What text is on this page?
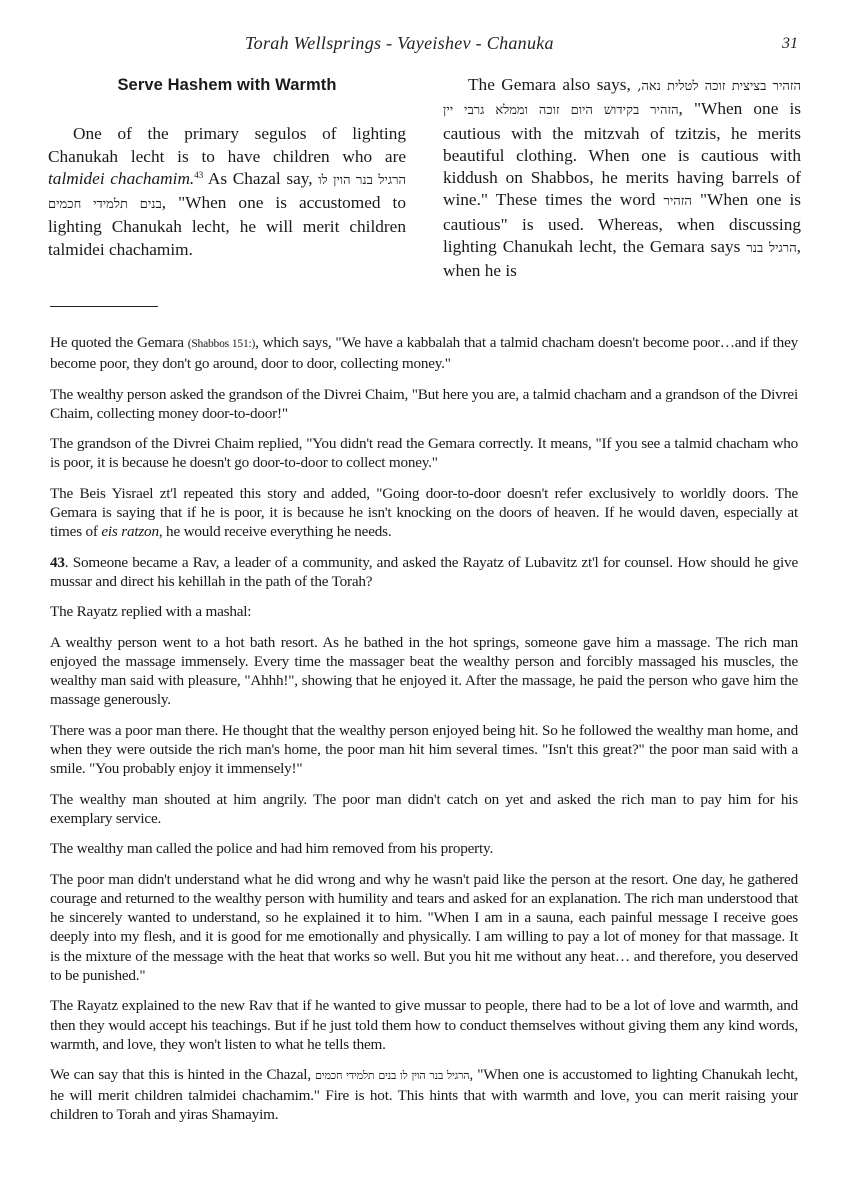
Torah Wellsprings - Vayeishev - Chanuka	31
Serve Hashem with Warmth

One of the primary segulos of lighting Chanukah lecht is to have children who are talmidei chachamim.$^{43}$ As Chazal say, הרגיל בנר הוין לו בנים תלמידי חכמים, "When one is accustomed to lighting Chanukah lecht, he will merit children talmidei chachamim.

The Gemara also says, הזהיר בציצית זוכה לטלית נאה, הזהיר בקידוש היום זוכה וממלא גרבי יין, "When one is cautious with the mitzvah of tzitzis, he merits beautiful clothing. When one is cautious with kiddush on Shabbos, he merits having barrels of wine." These times the word הזהיר "When one is cautious" is used. Whereas, when discussing lighting Chanukah lecht, the Gemara says הרגיל בנר, when he is

He quoted the Gemara (Shabbos 151:), which says, "We have a kabbalah that a talmid chacham doesn't become poor…and if they become poor, they don't go around, door to door, collecting money."

The wealthy person asked the grandson of the Divrei Chaim, "But here you are, a talmid chacham and a grandson of the Divrei Chaim, collecting money door-to-door!"

The grandson of the Divrei Chaim replied, "You didn't read the Gemara correctly. It means, "If you see a talmid chacham who is poor, it is because he doesn't go door-to-door to collect money."

The Beis Yisrael zt'l repeated this story and added, "Going door-to-door doesn't refer exclusively to worldly doors. The Gemara is saying that if he is poor, it is because he isn't knocking on the doors of heaven. If he would daven, especially at times of eis ratzon, he would receive everything he needs.

43. Someone became a Rav, a leader of a community, and asked the Rayatz of Lubavitz zt'l for counsel. How should he give mussar and direct his kehillah in the path of the Torah?

The Rayatz replied with a mashal:

A wealthy person went to a hot bath resort. As he bathed in the hot springs, someone gave him a massage. The rich man enjoyed the massage immensely. Every time the massager beat the wealthy person and forcibly massaged his muscles, the wealthy man said with pleasure, "Ahhh!", showing that he enjoyed it. After the massage, he paid the person who gave him the massage generously.

There was a poor man there. He thought that the wealthy person enjoyed being hit. So he followed the wealthy man home, and when they were outside the rich man's home, the poor man hit him several times. "Isn't this great?" the poor man said with a smile. "You probably enjoy it immensely!"

The wealthy man shouted at him angrily. The poor man didn't catch on yet and asked the rich man to pay him for his exemplary service.

The wealthy man called the police and had him removed from his property.

The poor man didn't understand what he did wrong and why he wasn't paid like the person at the resort. One day, he gathered courage and returned to the wealthy person with humility and tears and asked for an explanation. The rich man understood that he sincerely wanted to understand, so he explained it to him. "When I am in a sauna, each painful message I receive goes deeply into my flesh, and it is good for me emotionally and physically. I am willing to pay a lot of money for that massage. It is the mixture of the message with the heat that works so well. But you hit me without any heat… and therefore, you deserved to be punished."

The Rayatz explained to the new Rav that if he wanted to give mussar to people, there had to be a lot of love and warmth, and then they would accept his teachings. But if he just told them how to conduct themselves without giving them any kind words, warmth, and love, they won't listen to what he tells them.

We can say that this is hinted in the Chazal, הרגיל בנר הוין לו בנים תלמידי חכמים, "When one is accustomed to lighting Chanukah lecht, he will merit children talmidei chachamim." Fire is hot. This hints that with warmth and love, you can merit raising your children to Torah and yiras Shamayim.
